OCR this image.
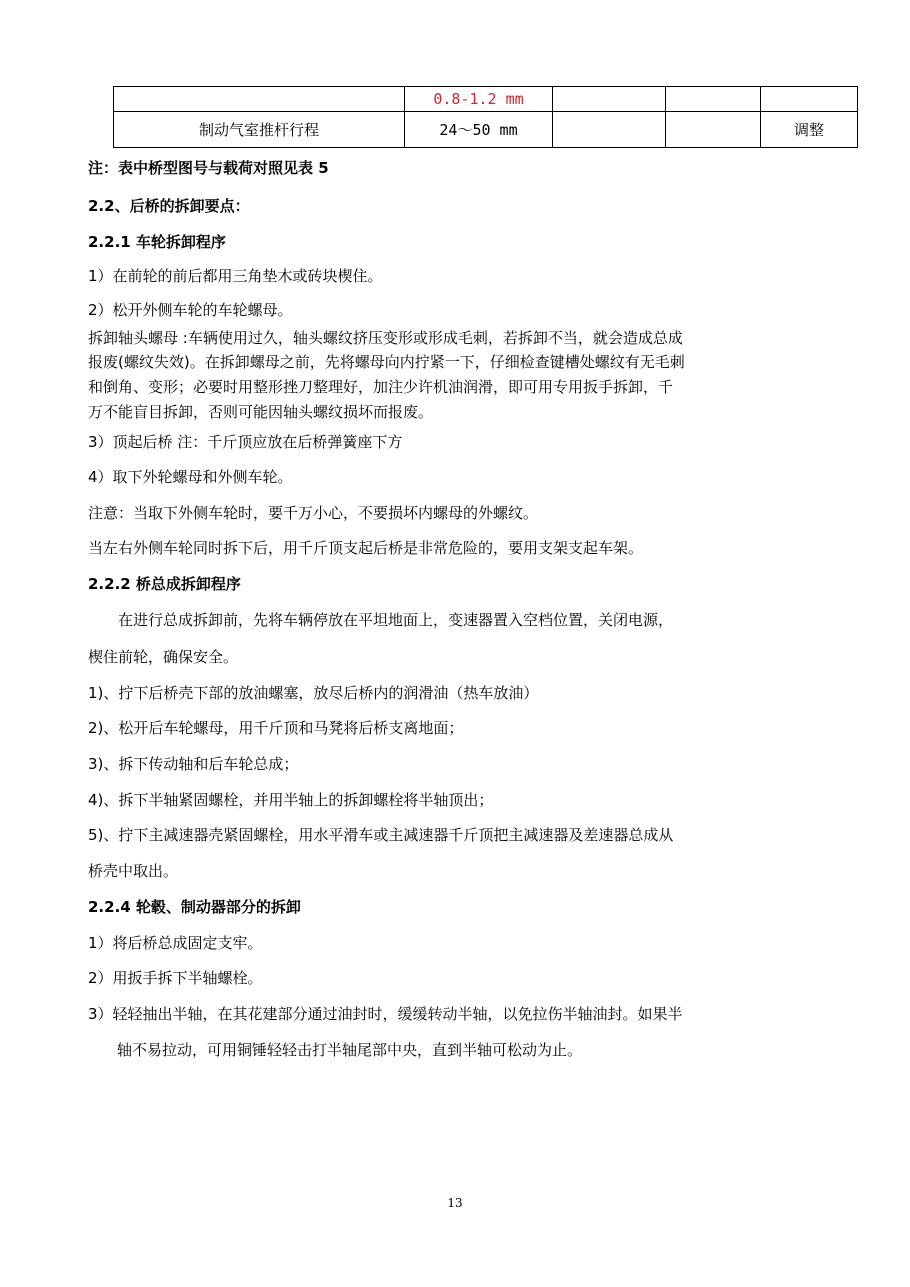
	0.8-1.2 mm			
制动气室推杆行程	24～50 mm			调整
注：表中桥型图号与载荷对照见表 5
2.2、后桥的拆卸要点：
2.2.1 车轮拆卸程序
1）在前轮的前后都用三角垫木或砖块楔住。
2）松开外侧车轮的车轮螺母。
拆卸轴头螺母 :车辆使用过久，轴头螺纹挤压变形或形成毛刺，若拆卸不当，就会造成总成
报废(螺纹失效)。在拆卸螺母之前，先将螺母向内拧紧一下，仔细检查键槽处螺纹有无毛刺
和倒角、变形；必要时用整形挫刀整理好，加注少许机油润滑，即可用专用扳手拆卸，千
万不能盲目拆卸，否则可能因轴头螺纹损坏而报废。
3）顶起后桥 注：千斤顶应放在后桥弹簧座下方
4）取下外轮螺母和外侧车轮。
注意：当取下外侧车轮时，要千万小心，不要损坏内螺母的外螺纹。
当左右外侧车轮同时拆下后，用千斤顶支起后桥是非常危险的，要用支架支起车架。
2.2.2 桥总成拆卸程序
在进行总成拆卸前，先将车辆停放在平坦地面上，变速器置入空档位置，关闭电源，
楔住前轮，确保安全。
1)、拧下后桥壳下部的放油螺塞，放尽后桥内的润滑油（热车放油）
2)、松开后车轮螺母，用千斤顶和马凳将后桥支离地面；
3)、拆下传动轴和后车轮总成；
4)、拆下半轴紧固螺栓，并用半轴上的拆卸螺栓将半轴顶出；
5)、拧下主减速器壳紧固螺栓，用水平滑车或主减速器千斤顶把主减速器及差速器总成从
桥壳中取出。
2.2.4 轮毂、制动器部分的拆卸
1）将后桥总成固定支牢。
2）用扳手拆下半轴螺栓。
3）轻轻抽出半轴，在其花建部分通过油封时，缓缓转动半轴，以免拉伤半轴油封。如果半
轴不易拉动，可用铜锤轻轻击打半轴尾部中央，直到半轴可松动为止。
13
